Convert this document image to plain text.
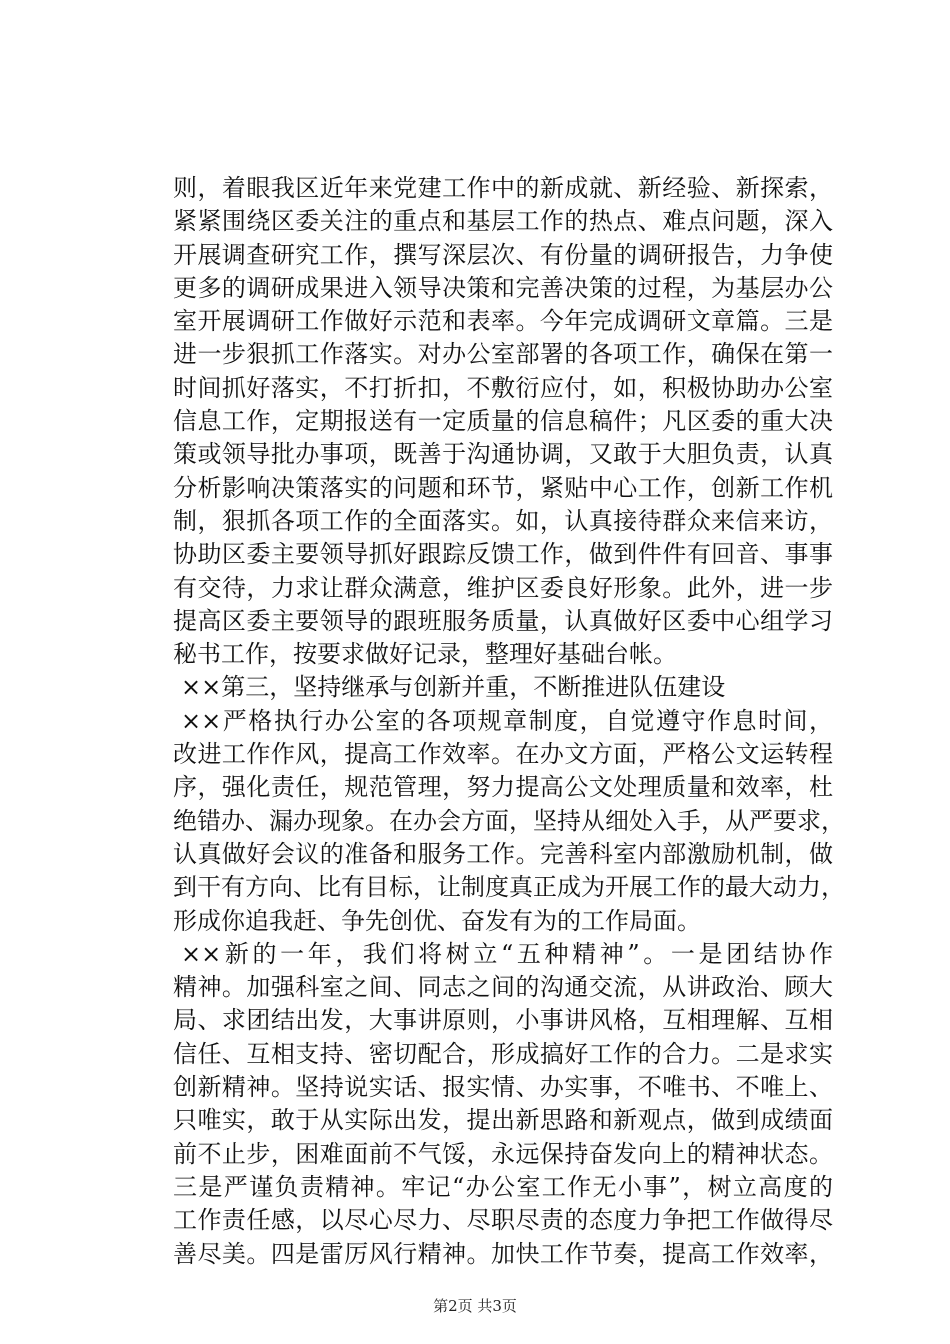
则，着眼我区近年来党建工作中的新成就、新经验、新探索，
紧紧围绕区委关注的重点和基层工作的热点、难点问题，深入
开展调查研究工作，撰写深层次、有份量的调研报告，力争使
更多的调研成果进入领导决策和完善决策的过程，为基层办公
室开展调研工作做好示范和表率。今年完成调研文章篇。三是
进一步狠抓工作落实。对办公室部署的各项工作，确保在第一
时间抓好落实，不打折扣，不敷衍应付，如，积极协助办公室
信息工作，定期报送有一定质量的信息稿件；凡区委的重大决
策或领导批办事项，既善于沟通协调，又敢于大胆负责，认真
分析影响决策落实的问题和环节，紧贴中心工作，创新工作机
制，狠抓各项工作的全面落实。如，认真接待群众来信来访，
协助区委主要领导抓好跟踪反馈工作，做到件件有回音、事事
有交待，力求让群众满意，维护区委良好形象。此外，进一步
提高区委主要领导的跟班服务质量，认真做好区委中心组学习
秘书工作，按要求做好记录，整理好基础台帐。
××第三，坚持继承与创新并重，不断推进队伍建设
××严格执行办公室的各项规章制度，自觉遵守作息时间，
改进工作作风，提高工作效率。在办文方面，严格公文运转程
序，强化责任，规范管理，努力提高公文处理质量和效率，杜
绝错办、漏办现象。在办会方面，坚持从细处入手，从严要求，
认真做好会议的准备和服务工作。完善科室内部激励机制，做
到干有方向、比有目标，让制度真正成为开展工作的最大动力，
形成你追我赶、争先创优、奋发有为的工作局面。
××新的一年，我们将树立“五种精神”。一是团结协作
精神。加强科室之间、同志之间的沟通交流，从讲政治、顾大
局、求团结出发，大事讲原则，小事讲风格，互相理解、互相
信任、互相支持、密切配合，形成搞好工作的合力。二是求实
创新精神。坚持说实话、报实情、办实事，不唯书、不唯上、
只唯实，敢于从实际出发，提出新思路和新观点，做到成绩面
前不止步，困难面前不气馁，永远保持奋发向上的精神状态。
三是严谨负责精神。牢记“办公室工作无小事”，树立高度的
工作责任感，以尽心尽力、尽职尽责的态度力争把工作做得尽
善尽美。四是雷厉风行精神。加快工作节奏，提高工作效率，
第2页 共3页
